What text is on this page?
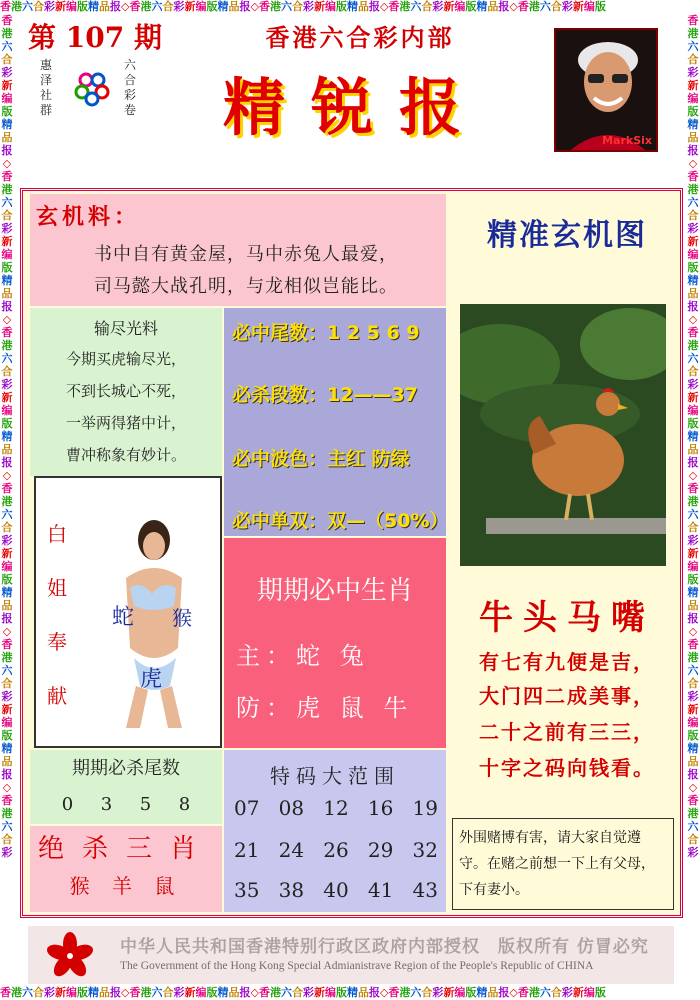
香港六合彩新编版精品报◇香港六合彩新编版精品报◇香港六合彩新编版精品报◇香港六合彩新编版精品报◇香港六合彩新编版
香港六合彩新编版精品报◇香港六合彩新编版精品报◇香港六合彩新编版精品报◇香港六合彩新编版精品报◇香港六合彩新编版
香港六合彩新编版精品报◇香港六合彩新编版精品报◇香港六合彩新编版精品报◇香港六合彩新编版精品报◇香港六合彩新编版精品报◇香港六合彩
香港六合彩新编版精品报◇香港六合彩新编版精品报◇香港六合彩新编版精品报◇香港六合彩新编版精品报◇香港六合彩新编版精品报◇香港六合彩
第 107 期
惠泽社群
六合彩卷
香港六合彩内部
精锐报	MarkSix
玄机料：
书中自有黄金屋，马中赤兔人最爱，
司马懿大战孔明，与龙相似岂能比。
输尽光料
今期买虎输尽光，
不到长城心不死，
一举两得猪中计，
曹冲称象有妙计。
必中尾数：1 2 5 6 9
必杀段数：12——37
必中波色：主红 防绿
必中单双：双—（50%）
白
姐
奉
献
蛇 猴
虎
期期必中生肖
主：蛇 兔
防：虎 鼠 牛
期期必杀尾数
0 3 5 8
绝杀三肖
猴 羊 鼠
特码大范围
07 08 12 16 19
21 24 26 29 32
35 38 40 41 43
精准玄机图
牛头马嘴
有七有九便是吉，
大门四二成美事，
二十之前有三三，
十字之码向钱看。
外围赌博有害，请大家自觉遵守。在赌之前想一下上有父母，下有妻小。
中华人民共和国香港特别行政区政府内部授权　版权所有 仿冒必究
The Government of the Hong Kong Special Admianistrave Region of the People's Republic of CHINA
